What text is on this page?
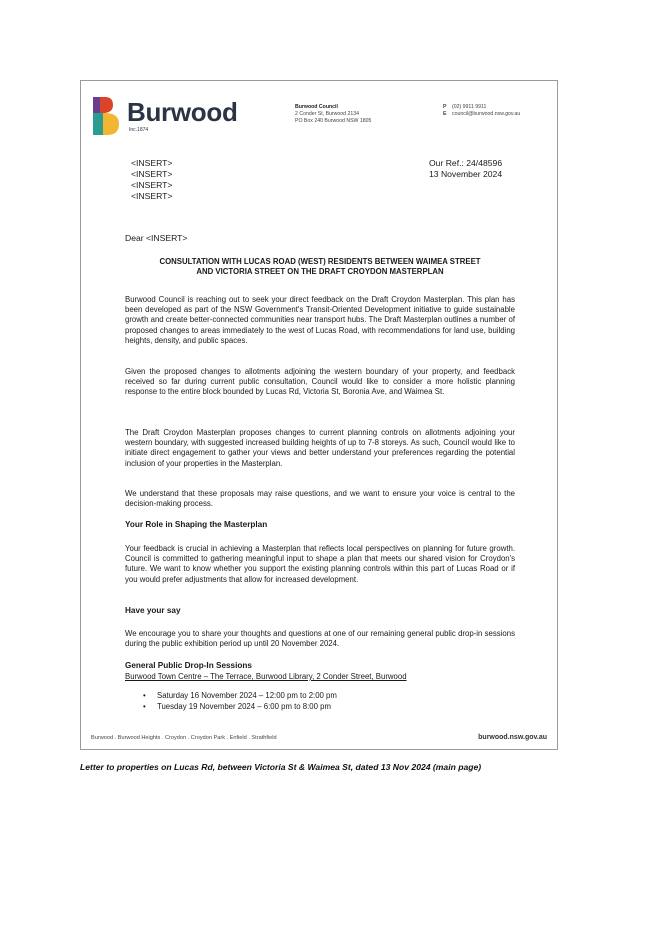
Burwood
Inc.1874
Burwood Council
2 Conder St, Burwood 2134
PO Box 240 Burwood NSW 1805
P (02) 9911 9911
E council@burwood.nsw.gov.au
<INSERT>
<INSERT>
<INSERT>
<INSERT>
Our Ref.: 24/48596
13 November 2024
Dear <INSERT>
CONSULTATION WITH LUCAS ROAD (WEST) RESIDENTS BETWEEN WAIMEA STREET
AND VICTORIA STREET ON THE DRAFT CROYDON MASTERPLAN
Burwood Council is reaching out to seek your direct feedback on the Draft Croydon Masterplan. This plan has been developed as part of the NSW Government's Transit-Oriented Development initiative to guide sustainable growth and create better-connected communities near transport hubs. The Draft Masterplan outlines a number of proposed changes to areas immediately to the west of Lucas Road, with recommendations for land use, building heights, density, and public spaces.
Given the proposed changes to allotments adjoining the western boundary of your property, and feedback received so far during current public consultation, Council would like to consider a more holistic planning response to the entire block bounded by Lucas Rd, Victoria St, Boronia Ave, and Waimea St.
The Draft Croydon Masterplan proposes changes to current planning controls on allotments adjoining your western boundary, with suggested increased building heights of up to 7-8 storeys. As such, Council would like to initiate direct engagement to gather your views and better understand your preferences regarding the potential inclusion of your properties in the Masterplan.
We understand that these proposals may raise questions, and we want to ensure your voice is central to the decision-making process.
Your Role in Shaping the Masterplan
Your feedback is crucial in achieving a Masterplan that reflects local perspectives on planning for future growth. Council is committed to gathering meaningful input to shape a plan that meets our shared vision for Croydon's future. We want to know whether you support the existing planning controls within this part of Lucas Road or if you would prefer adjustments that allow for increased development.
Have your say
We encourage you to share your thoughts and questions at one of our remaining general public drop-in sessions during the public exhibition period up until 20 November 2024.
General Public Drop-In Sessions
Burwood Town Centre – The Terrace, Burwood Library, 2 Conder Street, Burwood
• Saturday 16 November 2024 – 12:00 pm to 2:00 pm
• Tuesday 19 November 2024 – 6:00 pm to 8:00 pm
Burwood . Burwood Heights . Croydon . Croydon Park . Enfield . Strathfield	burwood.nsw.gov.au
Letter to properties on Lucas Rd, between Victoria St & Waimea St, dated 13 Nov 2024 (main page)
